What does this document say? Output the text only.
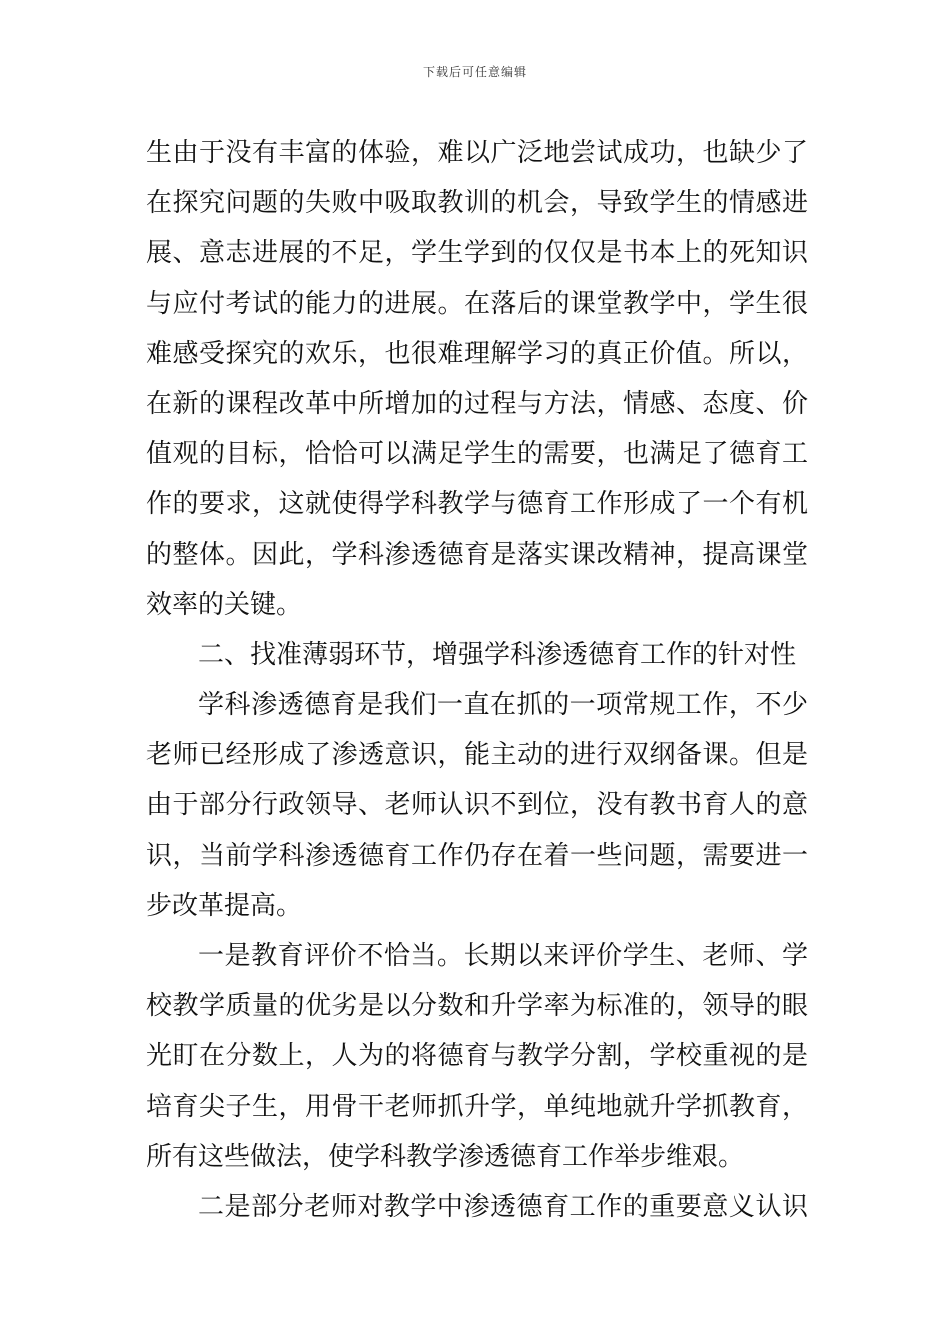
下载后可任意编辑
生由于没有丰富的体验，难以广泛地尝试成功，也缺少了
在探究问题的失败中吸取教训的机会，导致学生的情感进
展、意志进展的不足，学生学到的仅仅是书本上的死知识
与应付考试的能力的进展。在落后的课堂教学中，学生很
难感受探究的欢乐，也很难理解学习的真正价值。所以，
在新的课程改革中所增加的过程与方法，情感、态度、价
值观的目标，恰恰可以满足学生的需要，也满足了德育工
作的要求，这就使得学科教学与德育工作形成了一个有机
的整体。因此，学科渗透德育是落实课改精神，提高课堂
效率的关键。
二、找准薄弱环节，增强学科渗透德育工作的针对性
学科渗透德育是我们一直在抓的一项常规工作，不少
老师已经形成了渗透意识，能主动的进行双纲备课。但是
由于部分行政领导、老师认识不到位，没有教书育人的意
识，当前学科渗透德育工作仍存在着一些问题，需要进一
步改革提高。
一是教育评价不恰当。长期以来评价学生、老师、学
校教学质量的优劣是以分数和升学率为标准的，领导的眼
光盯在分数上，人为的将德育与教学分割，学校重视的是
培育尖子生，用骨干老师抓升学，单纯地就升学抓教育，
所有这些做法，使学科教学渗透德育工作举步维艰。
二是部分老师对教学中渗透德育工作的重要意义认识
